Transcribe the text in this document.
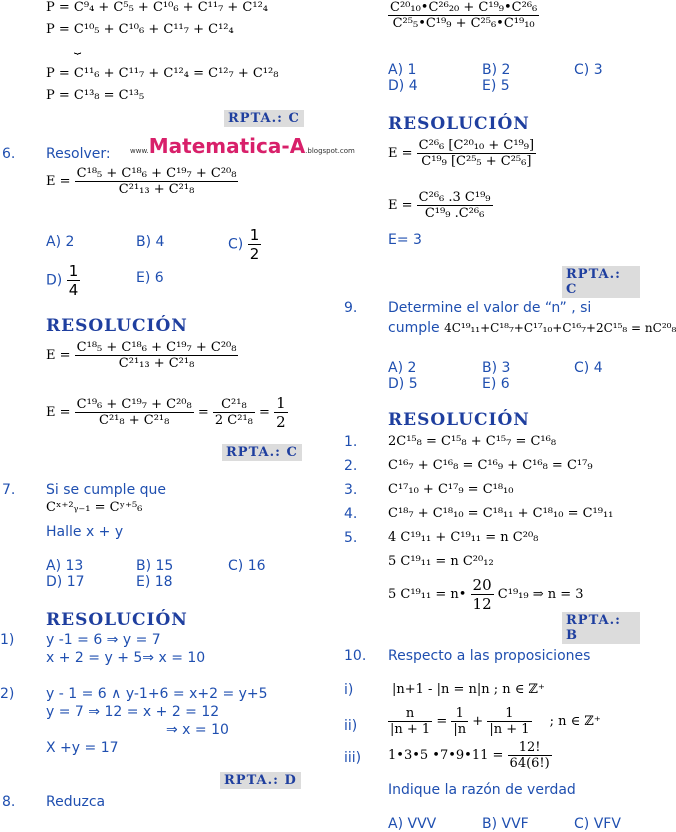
P = C⁹₄ + C⁵₅ + C¹⁰₆ + C¹¹₇ + C¹²₄
P = C¹⁰₅ + C¹⁰₆ + C¹¹₇ + C¹²₄
⏟
P = C¹¹₆ + C¹¹₇ + C¹²₄ = C¹²₇ + C¹²₈
P = C¹³₈ = C¹³₅
RPTA.: C
6. Resolver:	www.Matematica-A.blogspot.com
$E = \frac{\text{C¹⁸₅ + C¹⁸₆ + C¹⁹₇ + C²⁰₈}}{\text{C²¹₁₃ + C²¹₈}}$
A) 2	B) 4	$C) \frac{1}{2}$
$D) \frac{1}{4}$	E) 6
RESOLUCIÓN
$E = \frac{\text{C¹⁸₅ + C¹⁸₆ + C¹⁹₇ + C²⁰₈}}{\text{C²¹₁₃ + C²¹₈}}$
$E = \frac{\text{C¹⁹₆ + C¹⁹₇ + C²⁰₈}}{\text{C²¹₈ + C²¹₈}} = \frac{\text{C²¹₈}}{\text{2 C²¹₈}} = \frac{1}{2}$
RPTA.: C
7. Si se cumple que
Cˣ⁺²ᵧ₋₁ = Cʸ⁺⁵₆
Halle x + y
A) 13	B) 15	C) 16
D) 17	E) 18
RESOLUCIÓN
1) y -1 = 6 ⇒ y = 7
x + 2 = y + 5⇒ x = 10
2) y - 1 = 6 ∧ y-1+6 = x+2 = y+5
y = 7 ⇒ 12 = x + 2 = 12
⇒ x = 10
X +y = 17
RPTA.: D
8. Reduzca
$\frac{\text{C²⁰₁₀•C²⁶₂₀ + C¹⁹₉•C²⁶₆}}{\text{C²⁵₅•C¹⁹₉ + C²⁵₆•C¹⁹₁₀}}$
A) 1	B) 2	C) 3
D) 4	E) 5
RESOLUCIÓN
$E = \frac{\text{C²⁶₆ [C²⁰₁₀ + C¹⁹₉]}}{\text{C¹⁹₉ [C²⁵₅ + C²⁵₆]}}$
$E = \frac{\text{C²⁶₆ .3 C¹⁹₉}}{\text{C¹⁹₉ .C²⁶₆}}$
E= 3
RPTA.: C
9. Determine el valor de “n” , si
cumple 4C¹⁹₁₁+C¹⁸₇+C¹⁷₁₀+C¹⁶₇+2C¹⁵₈ = nC²⁰₈
A) 2	B) 3	C) 4
D) 5	E) 6
RESOLUCIÓN
1. 2C¹⁵₈ = C¹⁵₈ + C¹⁵₇ = C¹⁶₈
2. C¹⁶₇ + C¹⁶₈ = C¹⁶₉ + C¹⁶₈ = C¹⁷₉
3. C¹⁷₁₀ + C¹⁷₉ = C¹⁸₁₀
4. C¹⁸₇ + C¹⁸₁₀ = C¹⁸₁₁ + C¹⁸₁₀ = C¹⁹₁₁
5. 4 C¹⁹₁₁ + C¹⁹₁₁ = n C²⁰₈
5 C¹⁹₁₁ = n C²⁰₁₂
5 C¹⁹₁₁ = n• $\frac{20}{12} C^{19}_{19}$ ⇒ n = 3
RPTA.: B
10. Respecto a las proposiciones
i)	|n+1 - |n = n|n ; n ∈ ℤ⁺
$ii) \frac{n}{|n + 1} = \frac{1}{|n} + \frac{1}{|n + 1}$ ; n ∈ ℤ⁺
iii) 1•3•5 •7•9•11 = $\frac{12!}{64(6!)}$
Indique la razón de verdad
A) VVV	B) VVF	C) VFV
